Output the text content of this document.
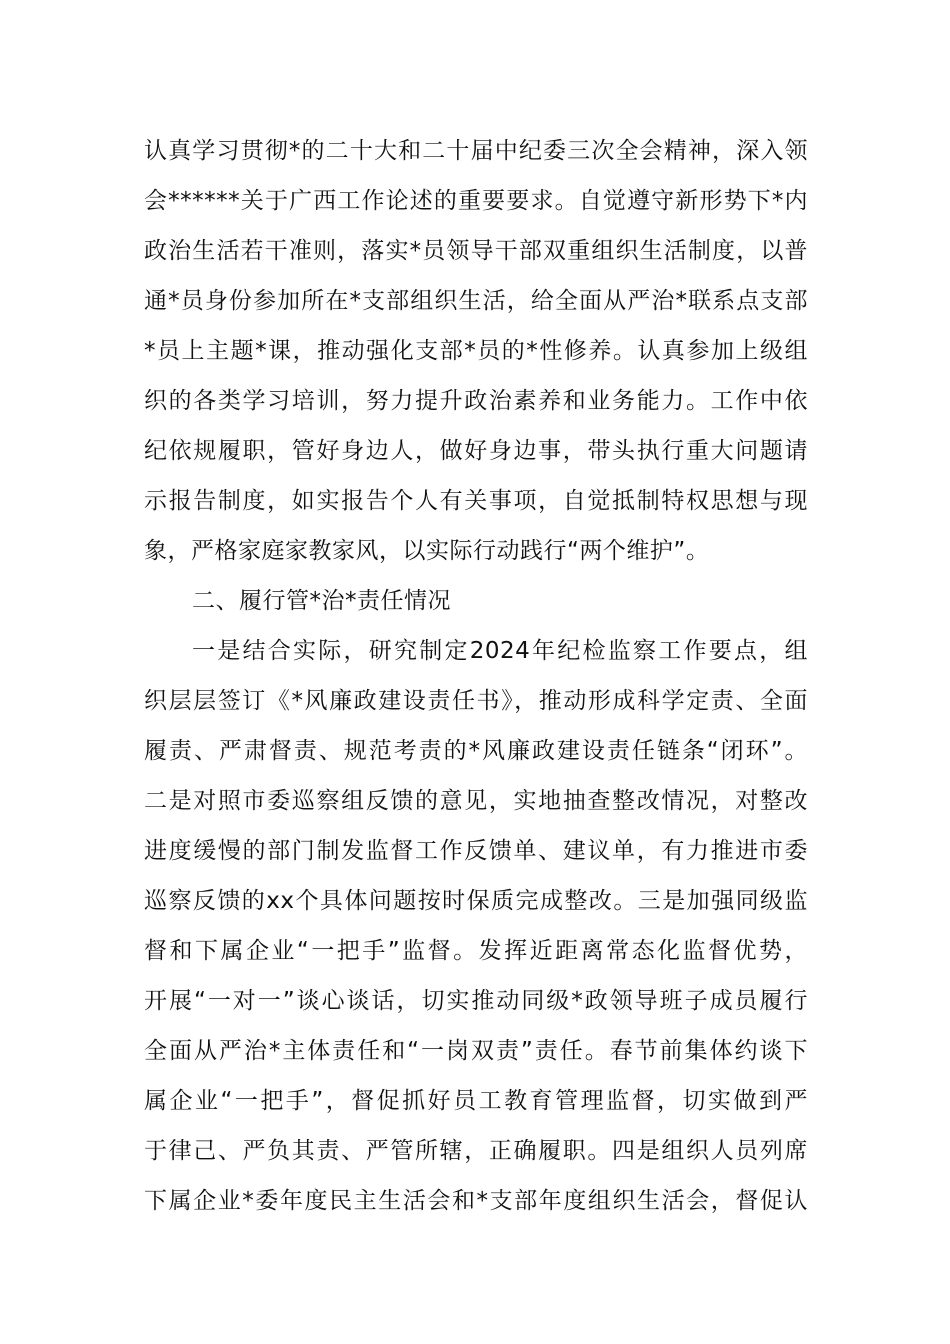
认真学习贯彻*的二十大和二十届中纪委三次全会精神，深入领
会******关于广西工作论述的重要要求。自觉遵守新形势下*内
政治生活若干准则，落实*员领导干部双重组织生活制度，以普
通*员身份参加所在*支部组织生活，给全面从严治*联系点支部
*员上主题*课，推动强化支部*员的*性修养。认真参加上级组
织的各类学习培训，努力提升政治素养和业务能力。工作中依
纪依规履职，管好身边人，做好身边事，带头执行重大问题请
示报告制度，如实报告个人有关事项，自觉抵制特权思想与现
象，严格家庭家教家风，以实际行动践行“两个维护”。
二、履行管*治*责任情况
一是结合实际，研究制定2024年纪检监察工作要点，组
织层层签订《*风廉政建设责任书》，推动形成科学定责、全面
履责、严肃督责、规范考责的*风廉政建设责任链条“闭环”。
二是对照市委巡察组反馈的意见，实地抽查整改情况，对整改
进度缓慢的部门制发监督工作反馈单、建议单，有力推进市委
巡察反馈的xx个具体问题按时保质完成整改。三是加强同级监
督和下属企业“一把手”监督。发挥近距离常态化监督优势，
开展“一对一”谈心谈话，切实推动同级*政领导班子成员履行
全面从严治*主体责任和“一岗双责”责任。春节前集体约谈下
属企业“一把手”，督促抓好员工教育管理监督，切实做到严
于律己、严负其责、严管所辖，正确履职。四是组织人员列席
下属企业*委年度民主生活会和*支部年度组织生活会，督促认
